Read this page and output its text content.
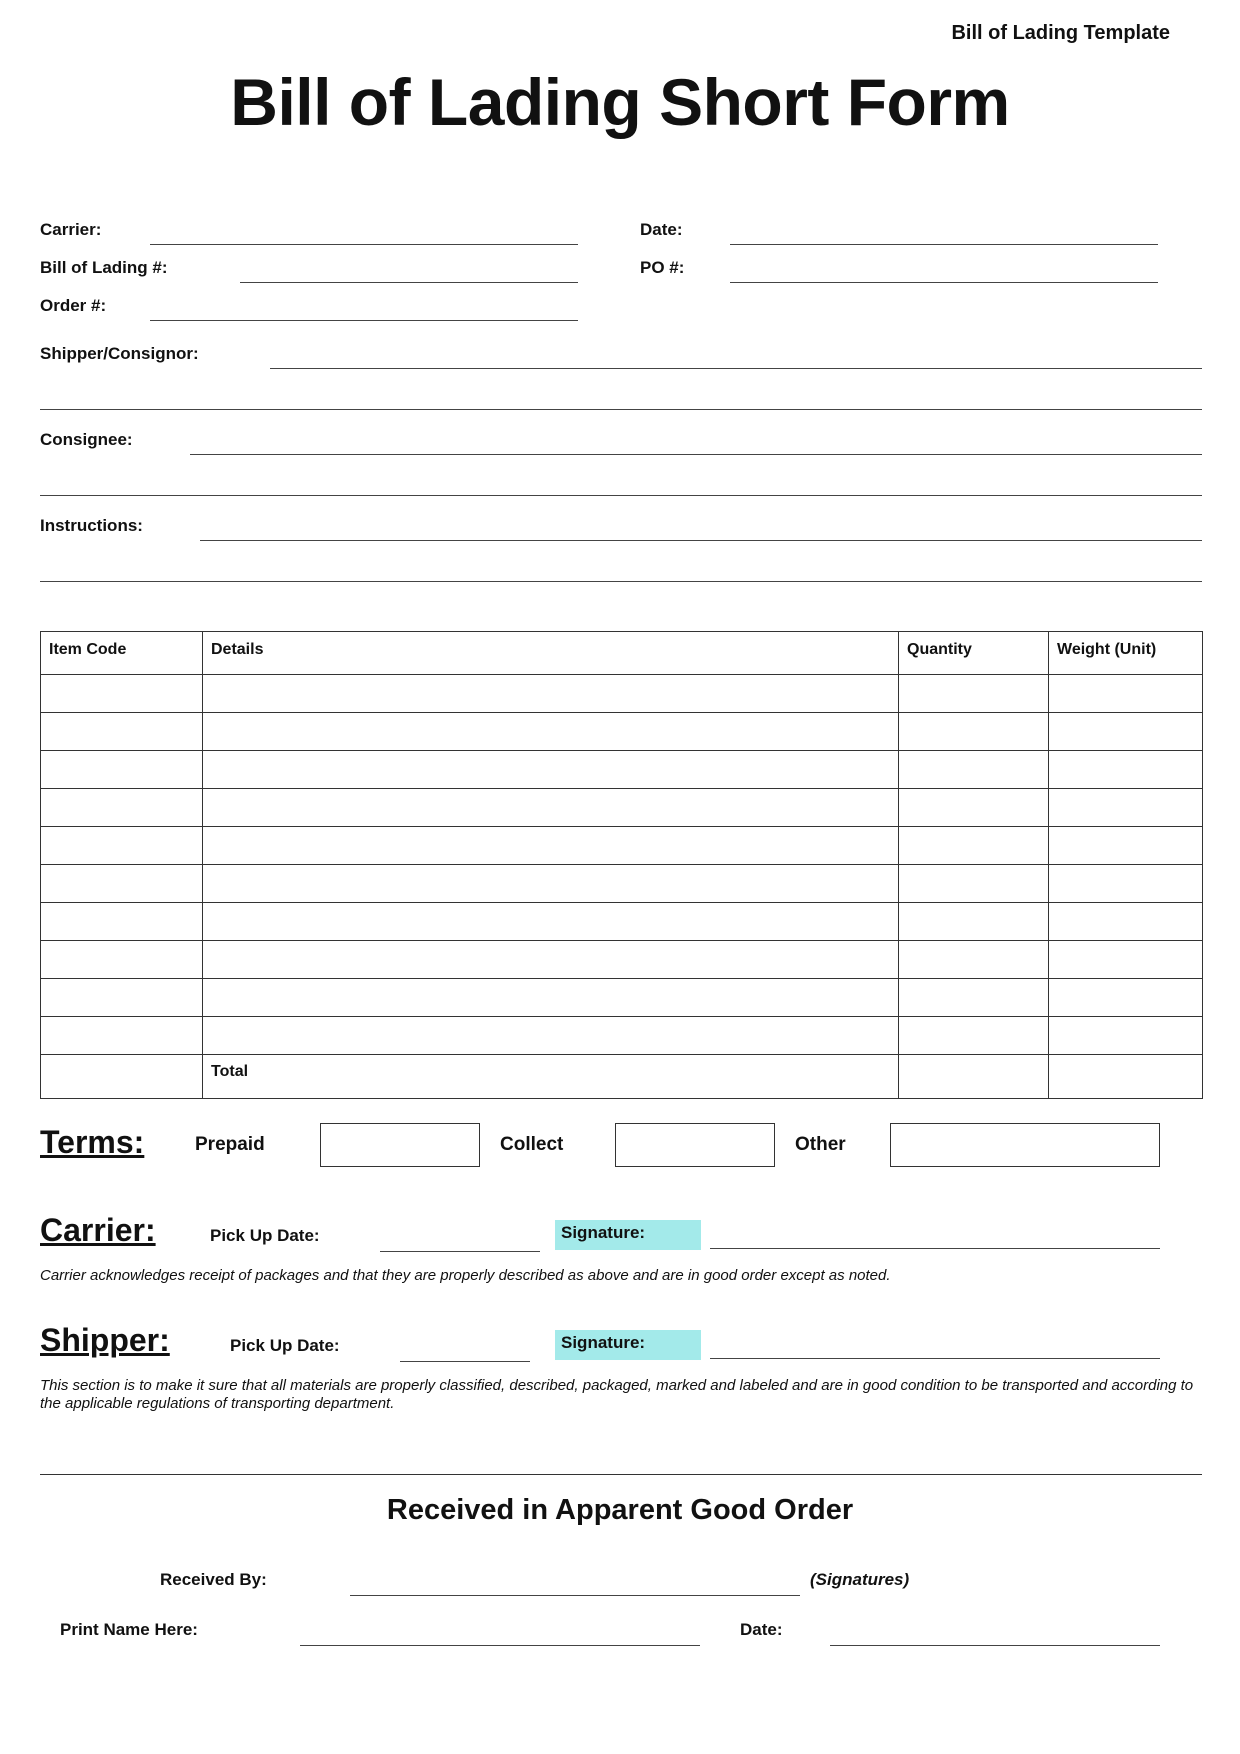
Bill of Lading Template
Bill of Lading Short Form
Carrier:	Date:
Bill of Lading #:	PO #:
Order #:
Shipper/Consignor:
Consignee:
Instructions:
Item Code	Details	Quantity	Weight (Unit)

	Total		
Terms:	Prepaid	Collect	Other
Carrier:	Pick Up Date:	Signature:
Carrier acknowledges receipt of packages and that they are properly described as above and are in good order except as noted.
Shipper:	Pick Up Date:	Signature:
This section is to make it sure that all materials are properly classified, described, packaged, marked and labeled and are in good condition to be transported and according to the applicable regulations of transporting department.
Received in Apparent Good Order
Received By:	(Signatures)
Print Name Here:	Date:
